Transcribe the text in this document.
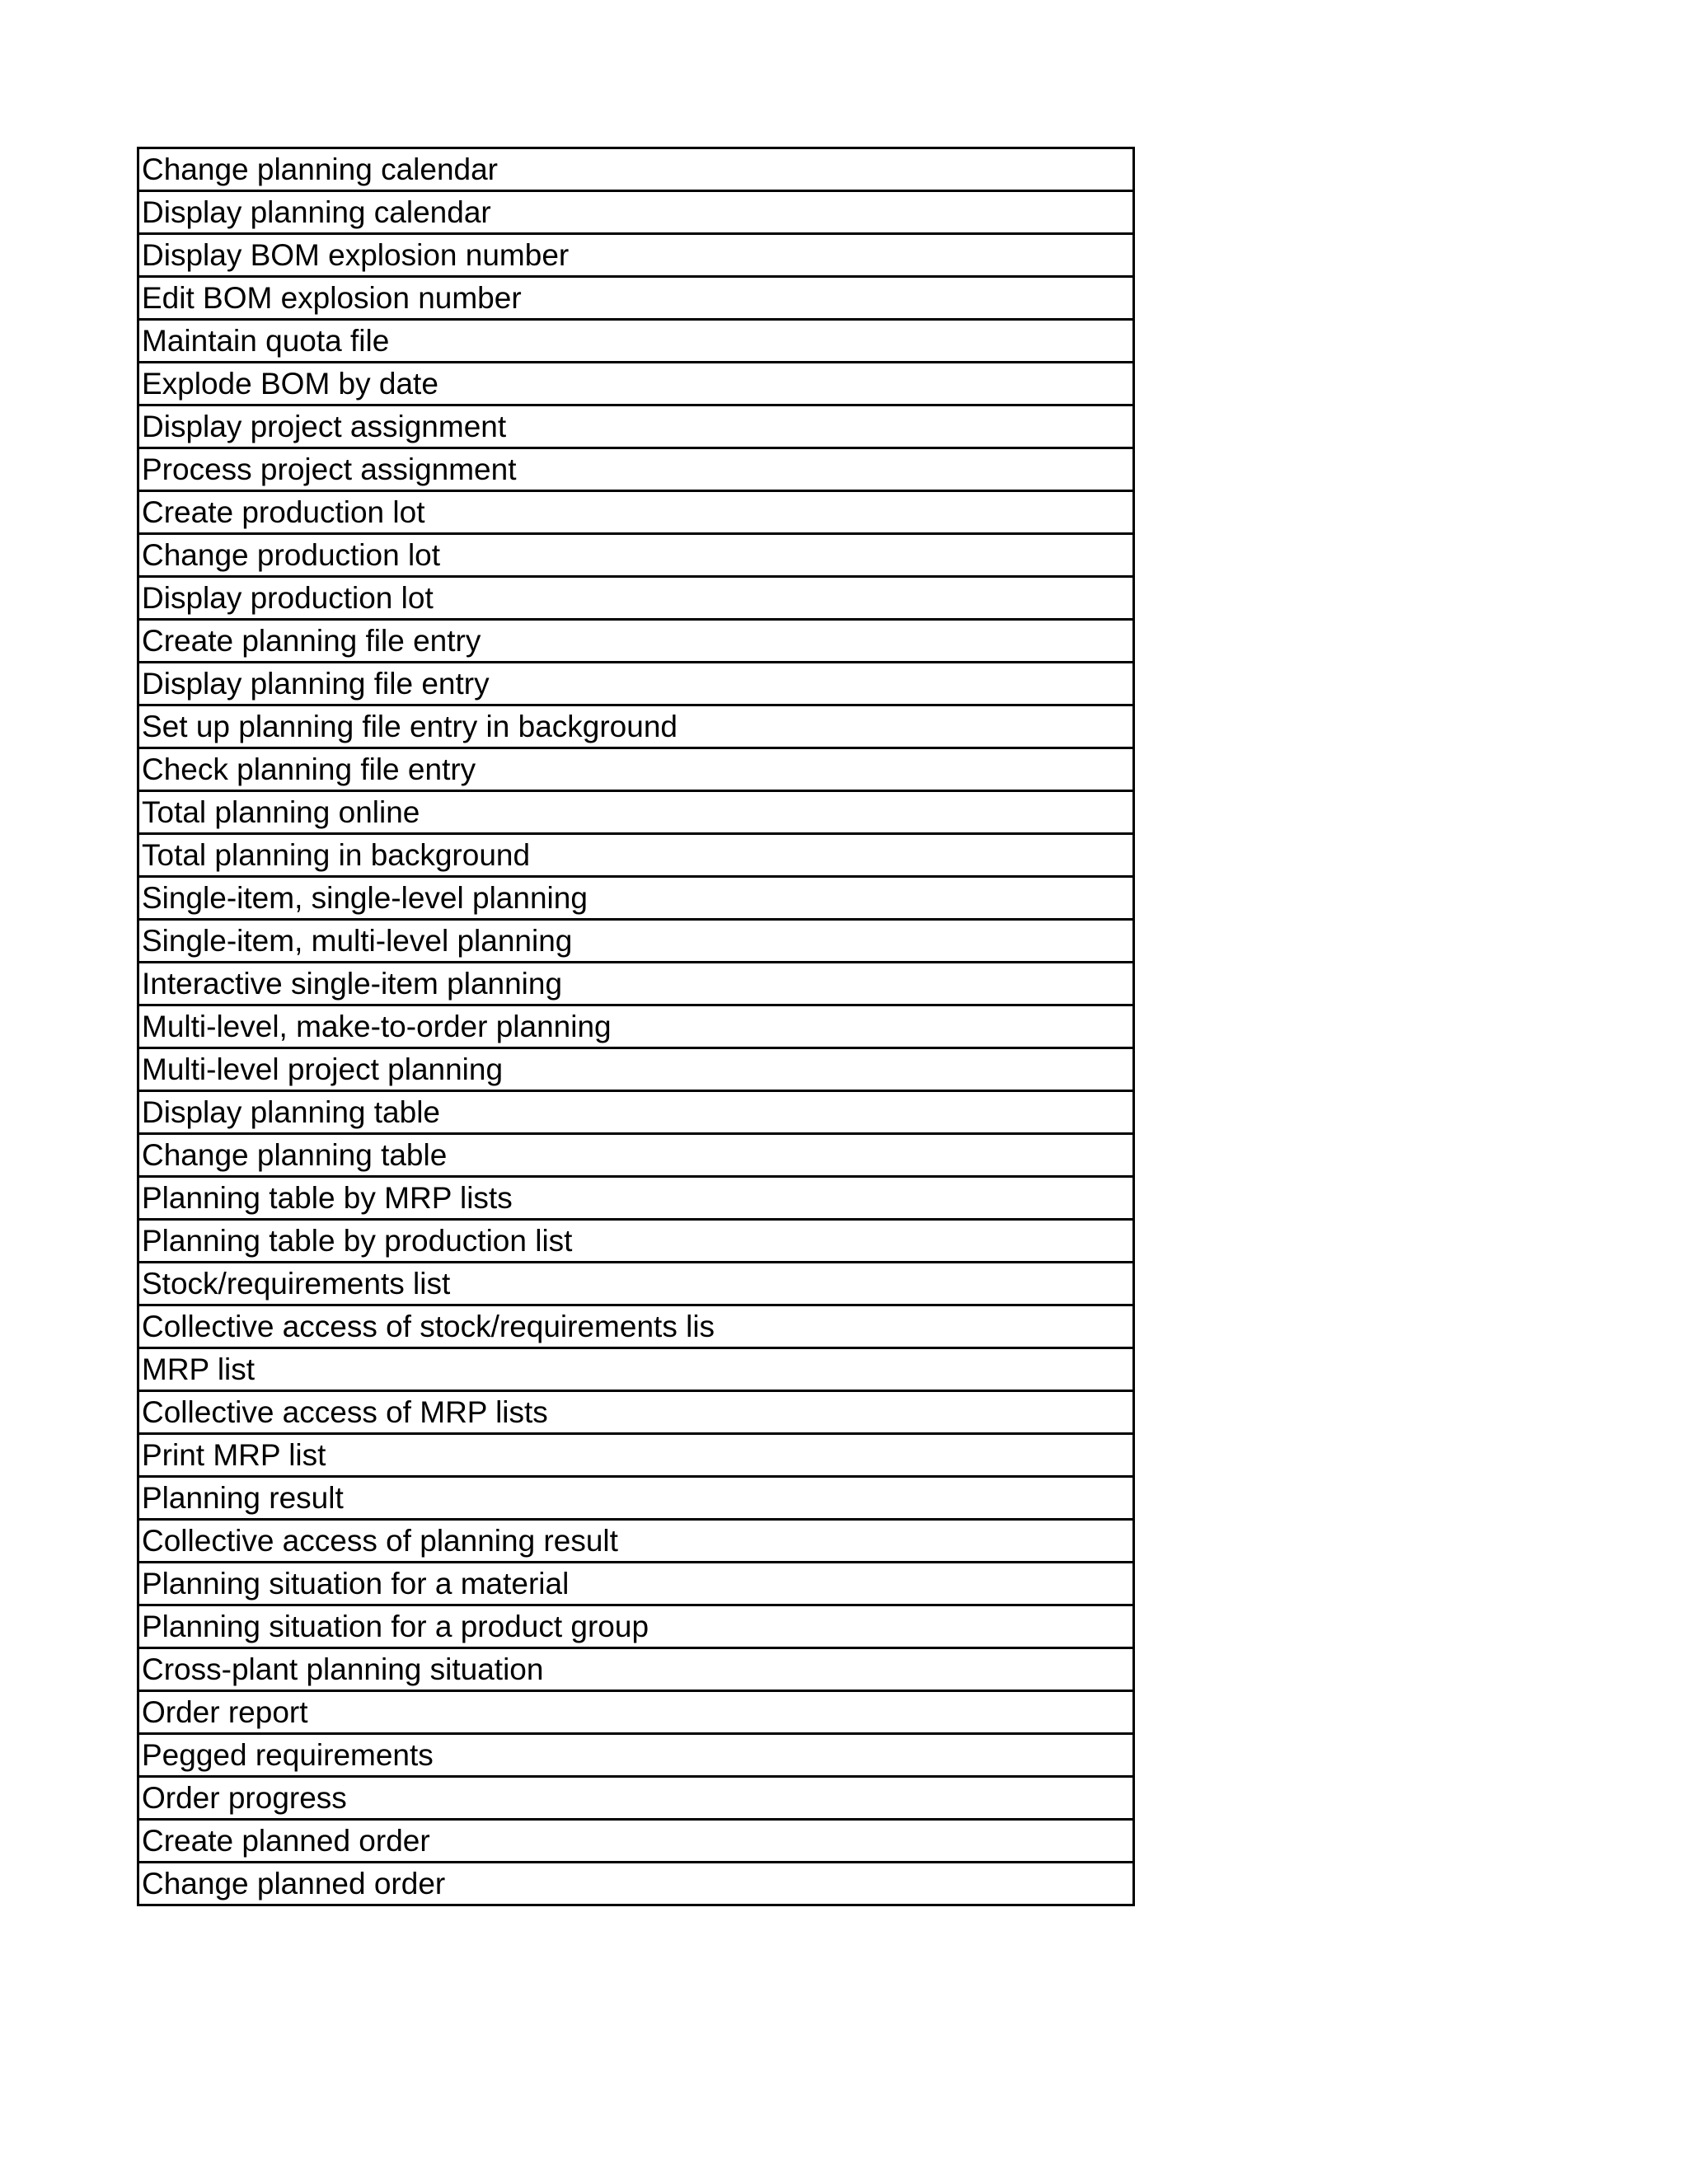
Change planning calendar
Display planning calendar
Display BOM explosion number
Edit BOM explosion number
Maintain quota file
Explode BOM by date
Display project assignment
Process project assignment
Create production lot
Change production lot
Display production lot
Create planning file entry
Display planning file entry
Set up planning file entry in background
Check planning file entry
Total planning online
Total planning in background
Single-item, single-level planning
Single-item, multi-level planning
Interactive single-item planning
Multi-level, make-to-order planning
Multi-level project planning
Display planning table
Change planning table
Planning table by MRP lists
Planning table by production list
Stock/requirements list
Collective access of stock/requirements lis
MRP list
Collective access of MRP lists
Print MRP list
Planning result
Collective access of planning result
Planning situation for a material
Planning situation for a product group
Cross-plant planning situation
Order report
Pegged requirements
Order progress
Create planned order
Change planned order
